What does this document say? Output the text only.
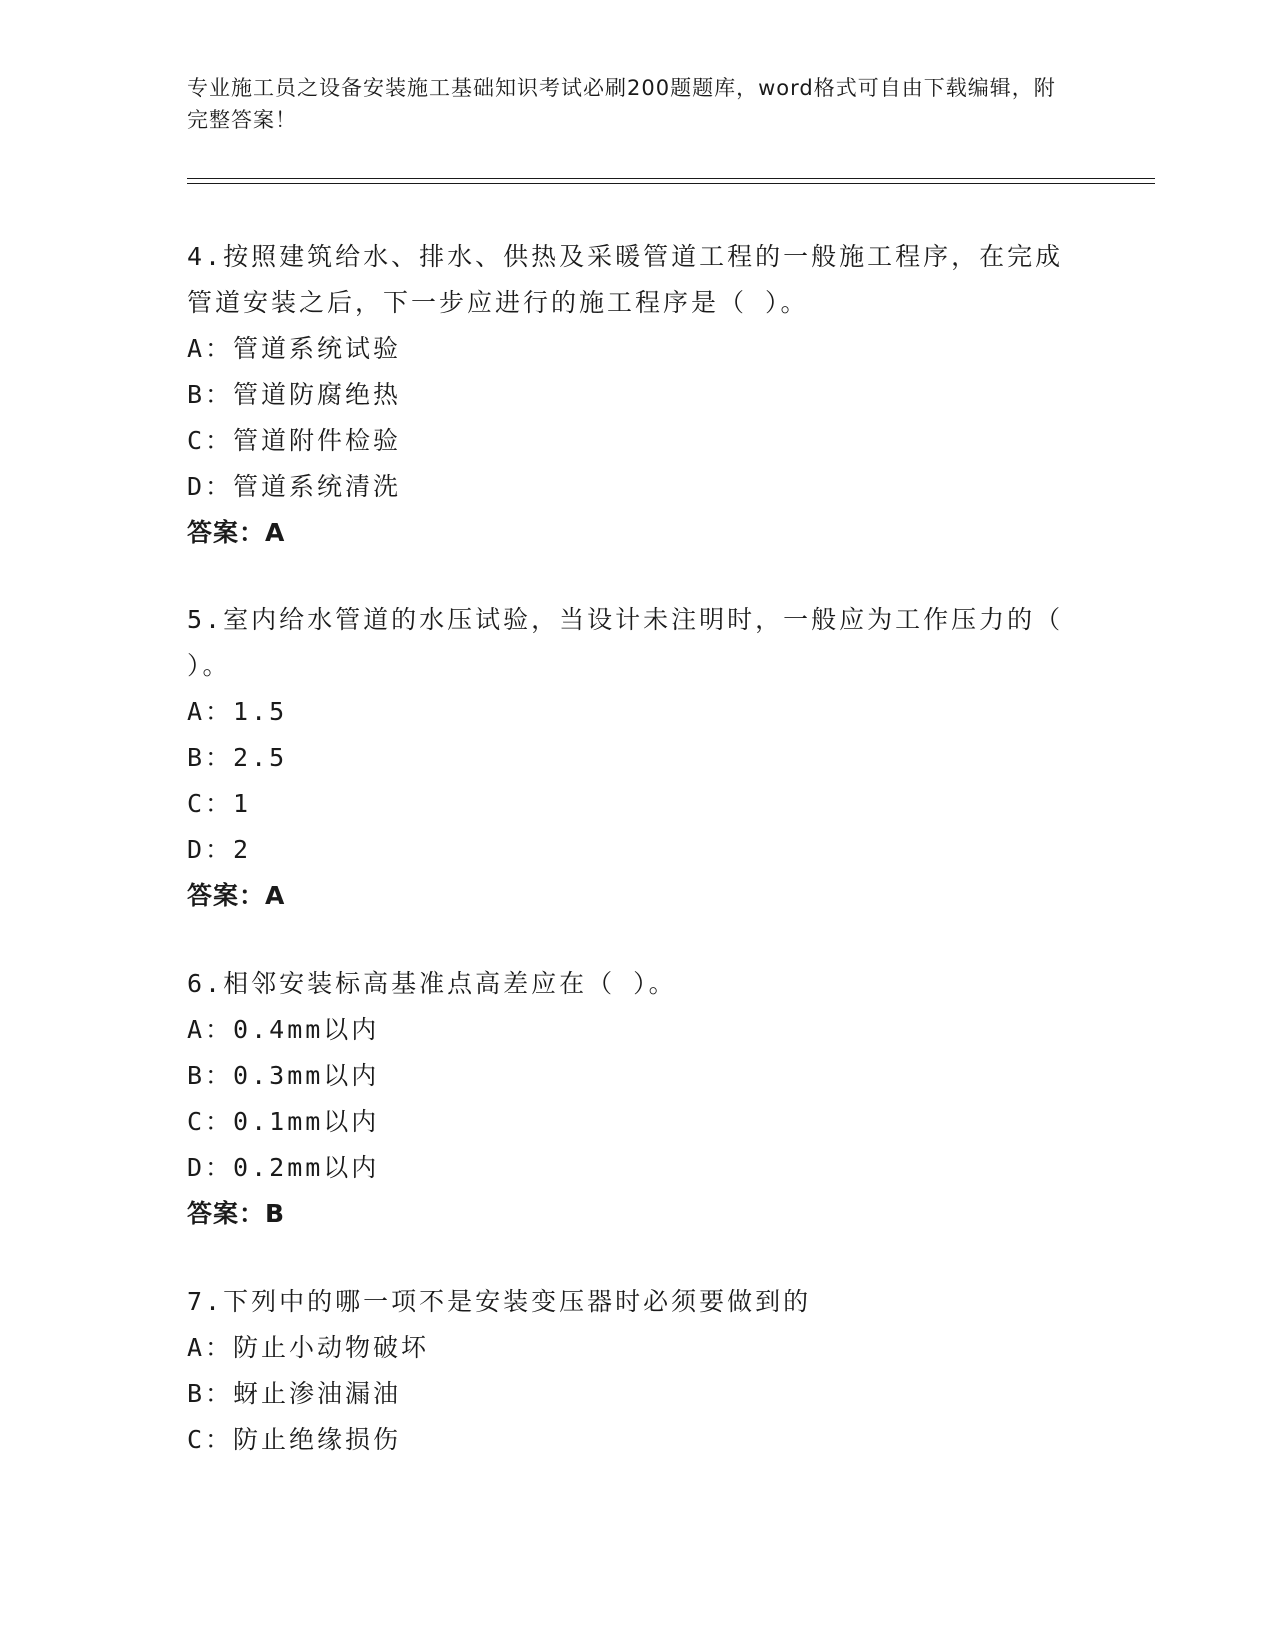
专业施工员之设备安装施工基础知识考试必刷200题题库，word格式可自由下载编辑，附完整答案！
4.按照建筑给水、排水、供热及采暖管道工程的一般施工程序，在完成管道安装之后，下一步应进行的施工程序是（ ）。
A：管道系统试验
B：管道防腐绝热
C：管道附件检验
D：管道系统清洗
答案：A
5.室内给水管道的水压试验，当设计未注明时，一般应为工作压力的（ ）。
A：1.5
B：2.5
C：1
D：2
答案：A
6.相邻安装标高基准点高差应在（ ）。
A：0.4mm以内
B：0.3mm以内
C：0.1mm以内
D：0.2mm以内
答案：B
7.下列中的哪一项不是安装变压器时必须要做到的
A：防止小动物破坏
B：蚜止渗油漏油
C：防止绝缘损伤
